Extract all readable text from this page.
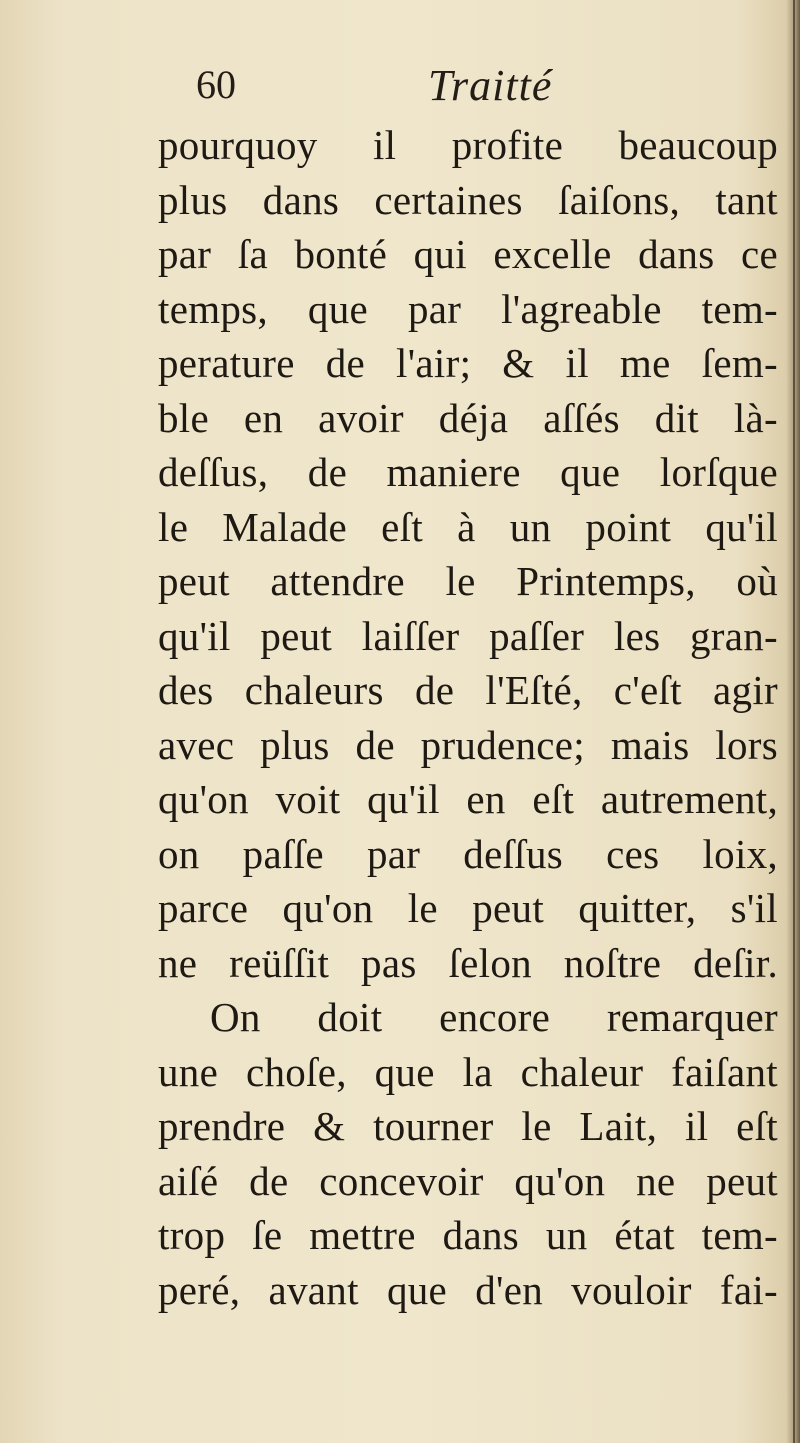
60	Traitté
pourquoy il profite beaucoup
plus dans certaines ſaiſons, tant
par ſa bonté qui excelle dans ce
temps, que par l'agreable tem-
perature de l'air; & il me ſem-
ble en avoir déja aſſés dit là-
deſſus, de maniere que lorſque
le Malade eſt à un point qu'il
peut attendre le Printemps, où
qu'il peut laiſſer paſſer les gran-
des chaleurs de l'Eſté, c'eſt agir
avec plus de prudence; mais lors
qu'on voit qu'il en eſt autrement,
on paſſe par deſſus ces loix,
parce qu'on le peut quitter, s'il
ne reüſſit pas ſelon noſtre deſir.
On doit encore remarquer
une choſe, que la chaleur faiſant
prendre & tourner le Lait, il eſt
aiſé de concevoir qu'on ne peut
trop ſe mettre dans un état tem-
peré, avant que d'en vouloir fai-
